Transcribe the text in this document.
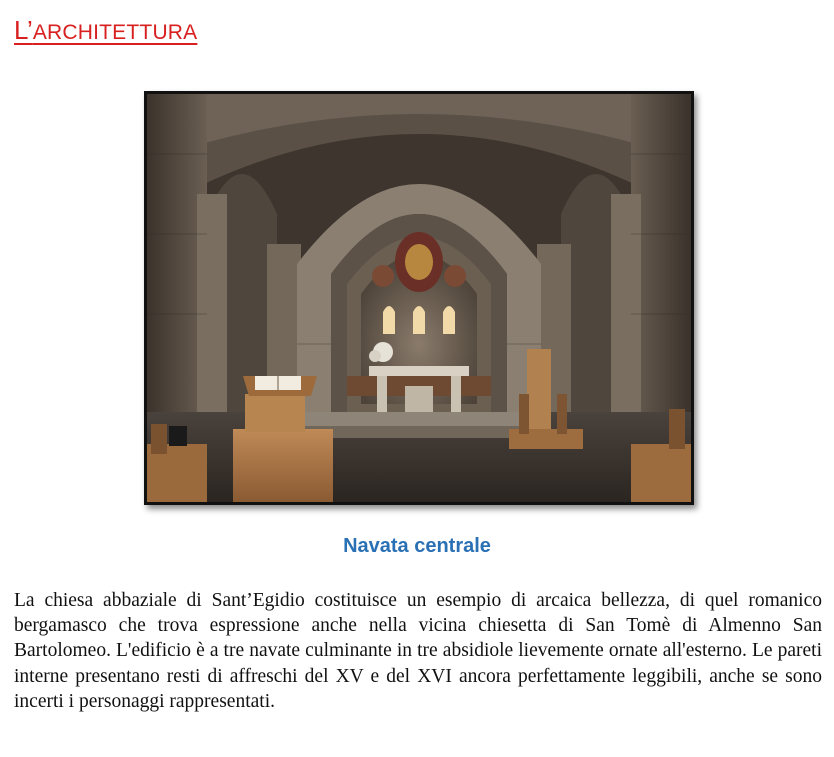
L’ARCHITETTURA

Navata centrale

La chiesa abbaziale di Sant’Egidio costituisce un esempio di arcaica bellezza, di quel romanico bergamasco che trova espressione anche nella vicina chiesetta di San Tomè di Almenno San Bartolomeo. L'edificio è a tre navate culminante in tre absidiole lievemente ornate all'esterno. Le pareti interne presentano resti di affreschi del XV e del XVI ancora perfettamente leggibili, anche se sono incerti i personaggi rappresentati.
